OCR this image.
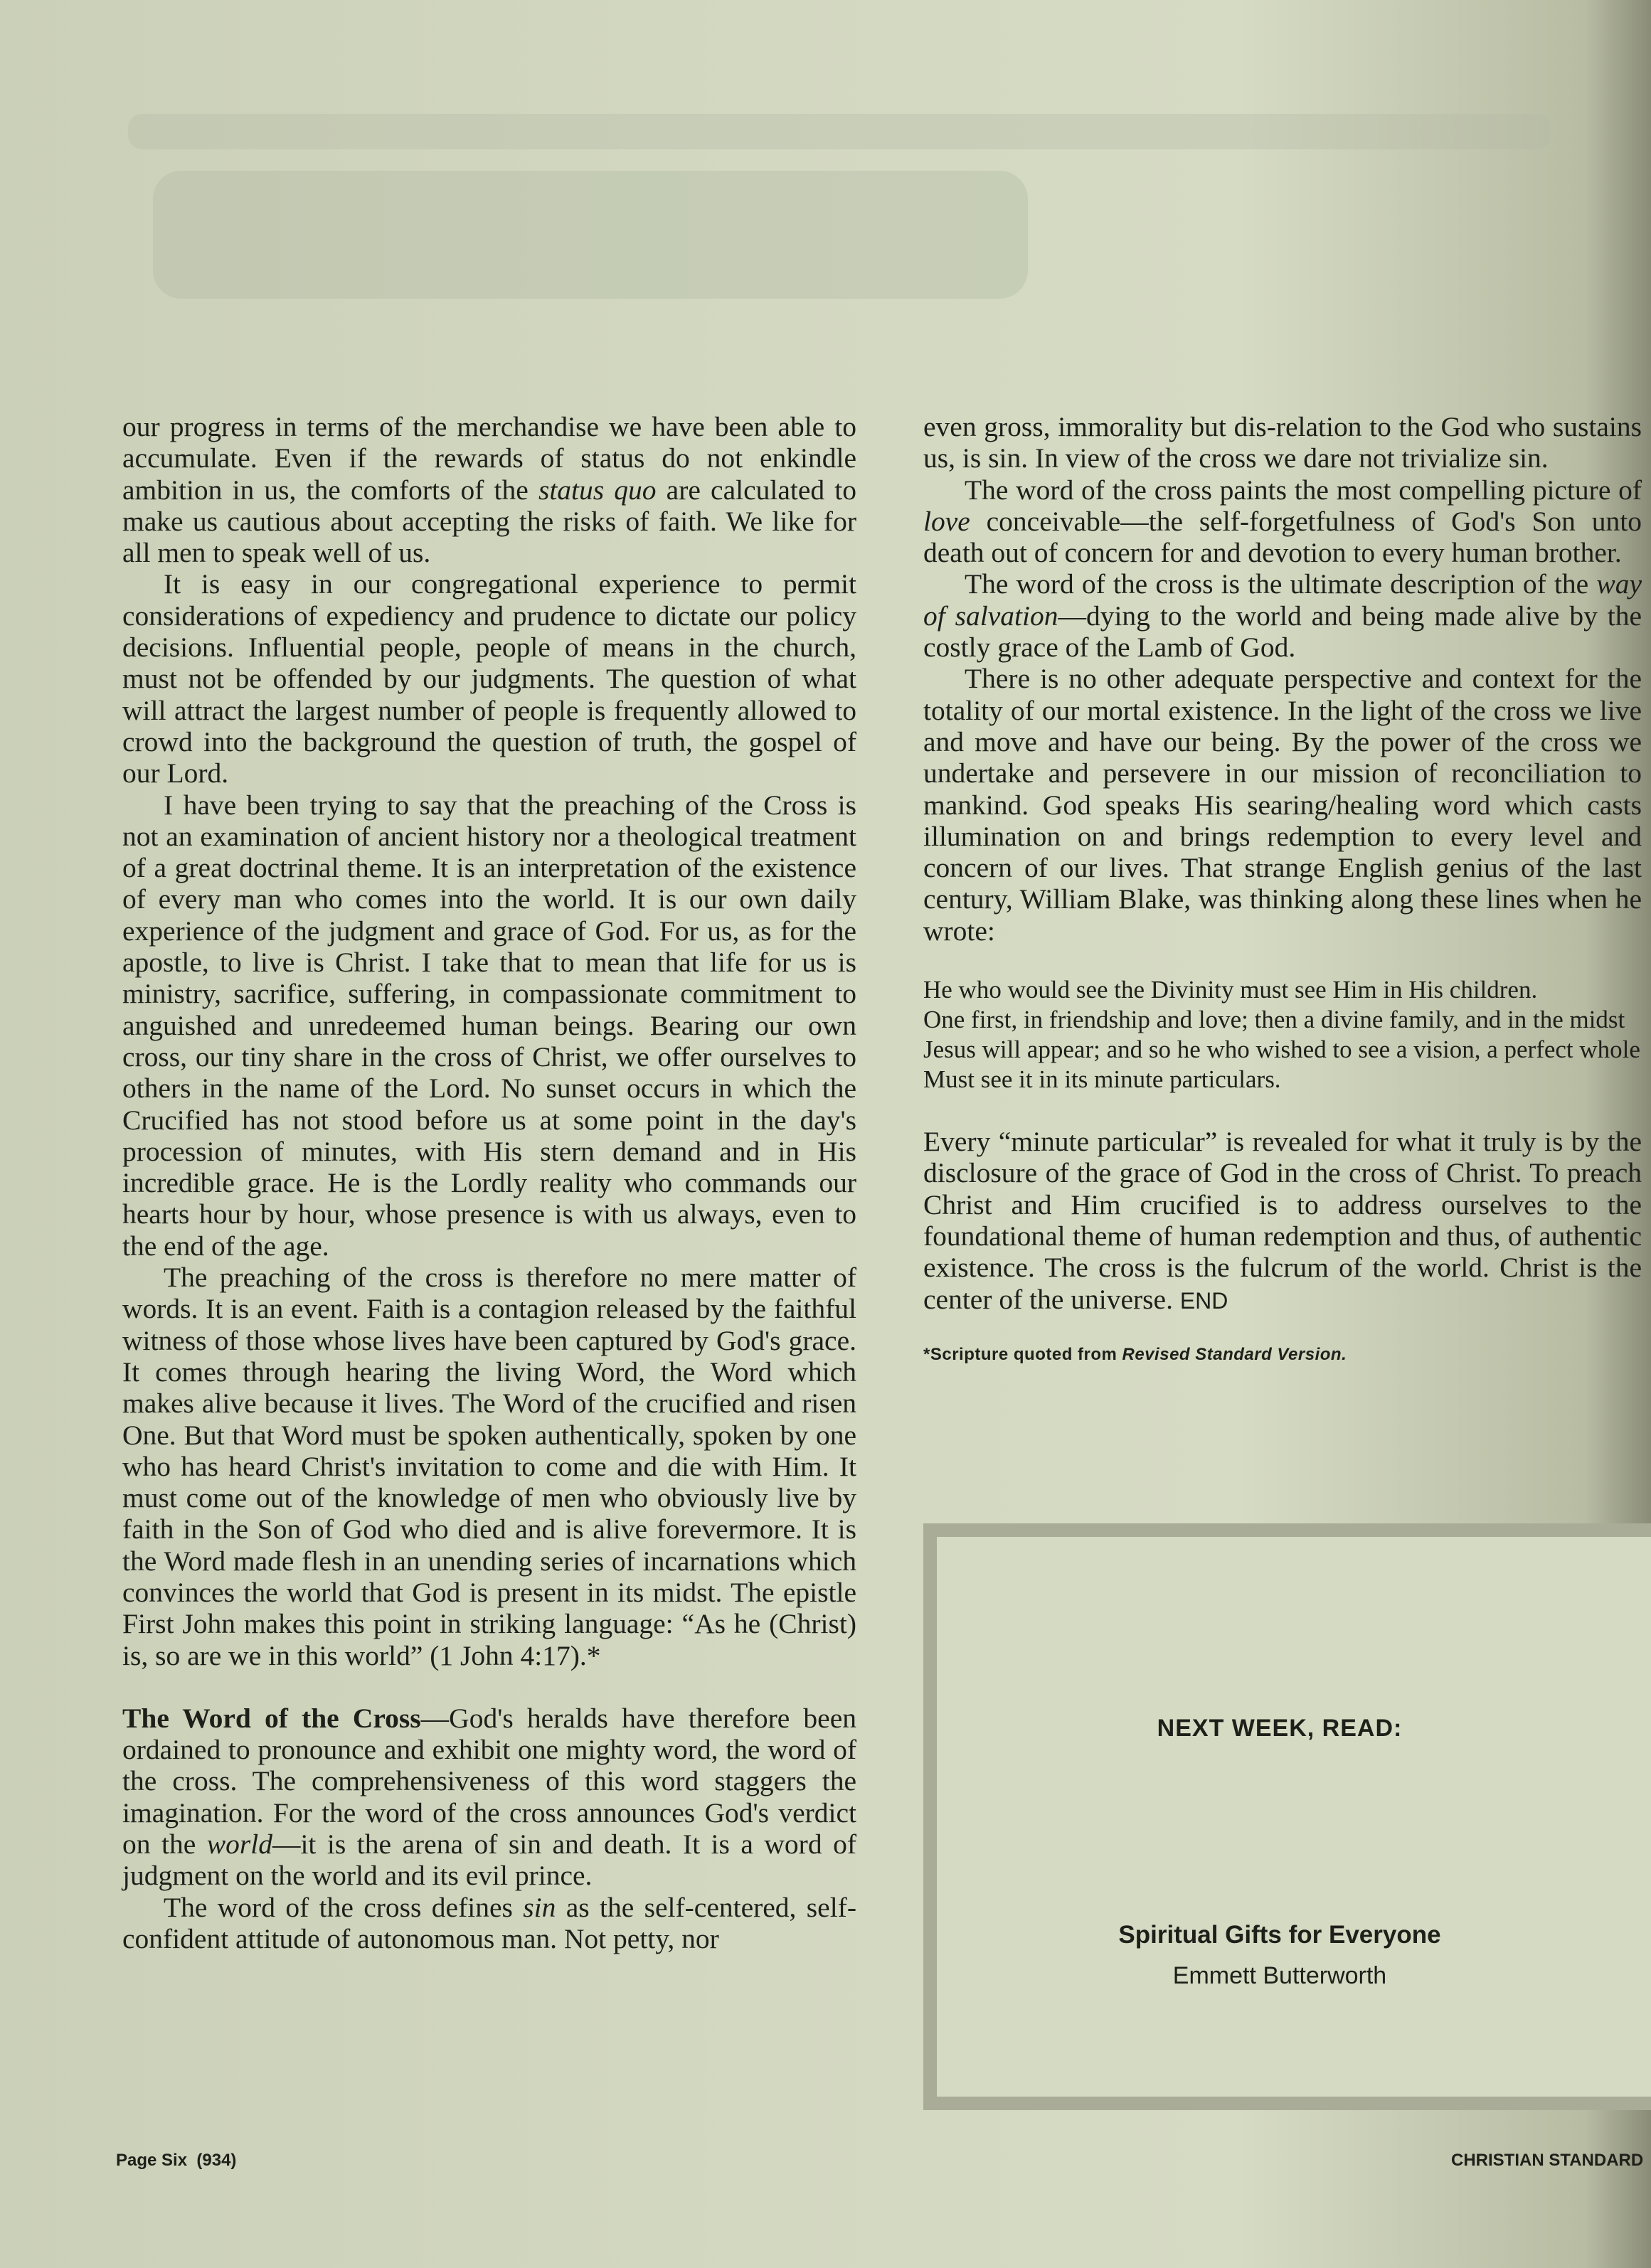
our progress in terms of the merchandise we have been able to accumulate. Even if the rewards of status do not enkindle ambition in us, the comforts of the status quo are calculated to make us cautious about accepting the risks of faith. We like for all men to speak well of us.

It is easy in our congregational experience to permit considerations of expediency and prudence to dictate our policy decisions. Influential people, people of means in the church, must not be offended by our judgments. The question of what will attract the largest number of people is frequently allowed to crowd into the background the question of truth, the gospel of our Lord.

I have been trying to say that the preaching of the Cross is not an examination of ancient history nor a theological treatment of a great doctrinal theme. It is an interpretation of the existence of every man who comes into the world. It is our own daily experience of the judgment and grace of God. For us, as for the apostle, to live is Christ. I take that to mean that life for us is ministry, sacrifice, suffering, in compassionate commitment to anguished and unredeemed human beings. Bearing our own cross, our tiny share in the cross of Christ, we offer ourselves to others in the name of the Lord. No sunset occurs in which the Crucified has not stood before us at some point in the day's procession of minutes, with His stern demand and in His incredible grace. He is the Lordly reality who commands our hearts hour by hour, whose presence is with us always, even to the end of the age.

The preaching of the cross is therefore no mere matter of words. It is an event. Faith is a contagion released by the faithful witness of those whose lives have been captured by God's grace. It comes through hearing the living Word, the Word which makes alive because it lives. The Word of the crucified and risen One. But that Word must be spoken authentically, spoken by one who has heard Christ's invitation to come and die with Him. It must come out of the knowledge of men who obviously live by faith in the Son of God who died and is alive forevermore. It is the Word made flesh in an unending series of incarnations which convinces the world that God is present in its midst. The epistle First John makes this point in striking language: “As he (Christ) is, so are we in this world” (1 John 4:17).*

The Word of the Cross—God's heralds have therefore been ordained to pronounce and exhibit one mighty word, the word of the cross. The comprehensiveness of this word staggers the imagination. For the word of the cross announces God's verdict on the world—it is the arena of sin and death. It is a word of judgment on the world and its evil prince.

The word of the cross defines sin as the self-centered, self-confident attitude of autonomous man. Not petty, nor

even gross, immorality but dis-relation to the God who sustains us, is sin. In view of the cross we dare not trivialize sin.

The word of the cross paints the most compelling picture of love conceivable—the self-forgetfulness of God's Son unto death out of concern for and devotion to every human brother.

The word of the cross is the ultimate description of the way of salvation—dying to the world and being made alive by the costly grace of the Lamb of God.

There is no other adequate perspective and context for the totality of our mortal existence. In the light of the cross we live and move and have our being. By the power of the cross we undertake and persevere in our mission of reconciliation to mankind. God speaks His searing/healing word which casts illumination on and brings redemption to every level and concern of our lives. That strange English genius of the last century, William Blake, was thinking along these lines when he wrote:

He who would see the Divinity must see Him in His children.
One first, in friendship and love; then a divine family, and in the midst
Jesus will appear; and so he who wished to see a vision, a perfect whole
Must see it in its minute particulars.

Every “minute particular” is revealed for what it truly is by the disclosure of the grace of God in the cross of Christ. To preach Christ and Him crucified is to address ourselves to the foundational theme of human redemption and thus, of authentic existence. The cross is the fulcrum of the world. Christ is the center of the universe. END

*Scripture quoted from Revised Standard Version.
NEXT WEEK, READ:
Spiritual Gifts for Everyone
Emmett Butterworth
Page Six  (934)	CHRISTIAN STANDARD
